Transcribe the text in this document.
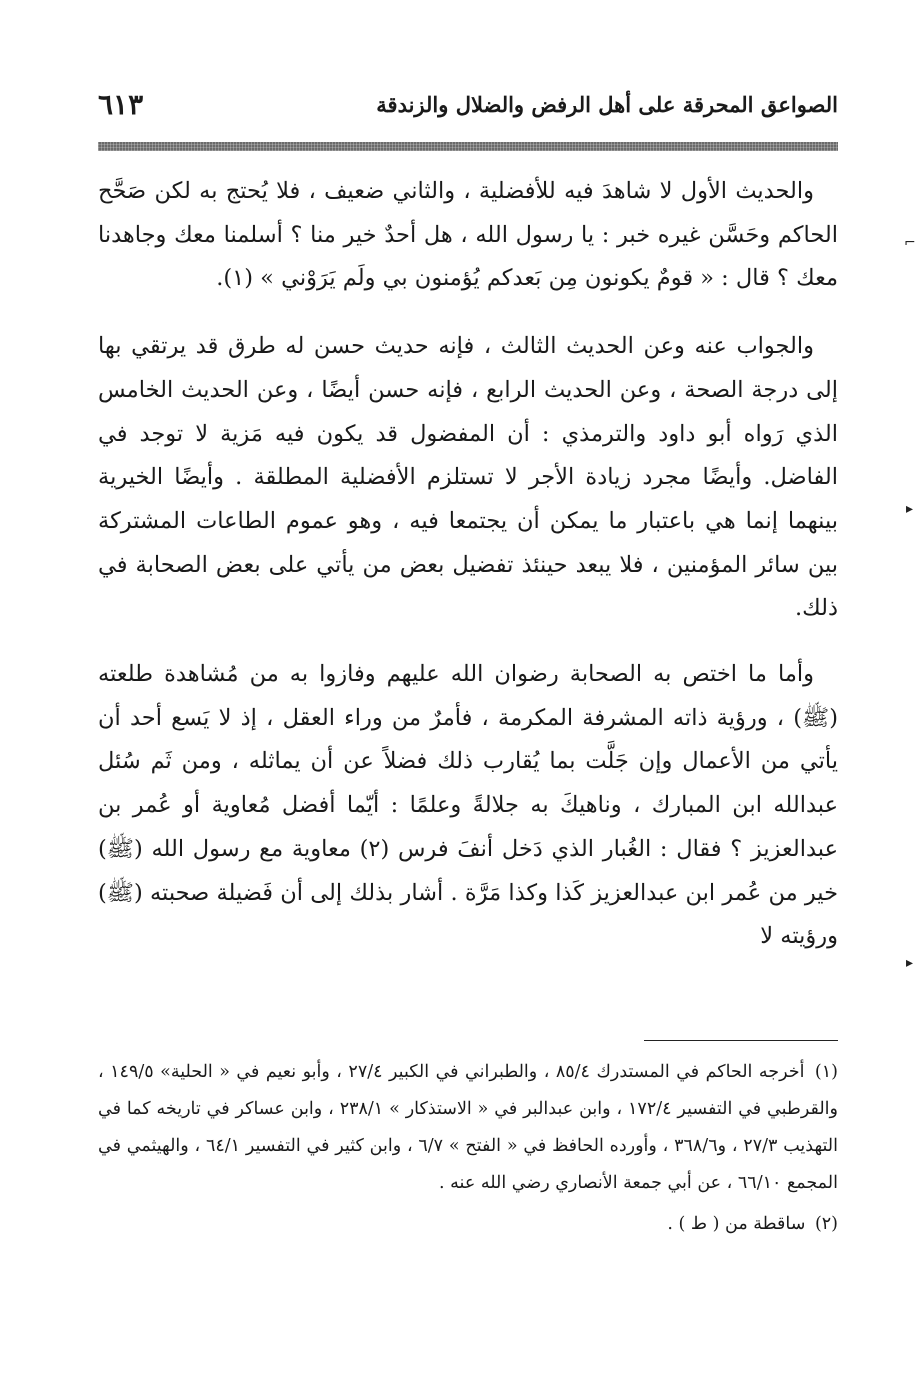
الصواعق المحرقة على أهل الرفض والضلال والزندقة
٦١٣

والحديث الأول لا شاهدَ فيه للأفضلية ، والثاني ضعيف ، فلا يُحتج به لكن صَحَّح الحاكم وحَسَّن غيره خبر : يا رسول الله ، هل أحدٌ خير منا ؟ أسلمنا معك وجاهدنا معك ؟ قال : « قومٌ يكونون مِن بَعدكم يُؤمنون بي ولَم يَرَوْني » (١).

والجواب عنه وعن الحديث الثالث ، فإنه حديث حسن له طرق قد يرتقي بها إلى درجة الصحة ، وعن الحديث الرابع ، فإنه حسن أيضًا ، وعن الحديث الخامس الذي رَواه أبو داود والترمذي : أن المفضول قد يكون فيه مَزية لا توجد في الفاضل. وأيضًا مجرد زيادة الأجر لا تستلزم الأفضلية المطلقة . وأيضًا الخيرية بينهما إنما هي باعتبار ما يمكن أن يجتمعا فيه ، وهو عموم الطاعات المشتركة بين سائر المؤمنين ، فلا يبعد حينئذ تفضيل بعض من يأتي على بعض الصحابة في ذلك.

وأما ما اختص به الصحابة رضوان الله عليهم وفازوا به من مُشاهدة طلعته (ﷺ) ، ورؤية ذاته المشرفة المكرمة ، فأمرٌ من وراء العقل ، إذ لا يَسع أحد أن يأتي من الأعمال وإن جَلَّت بما يُقارب ذلك فضلاً عن أن يماثله ، ومن ثَم سُئل عبدالله ابن المبارك ، وناهيكَ به جلالةً وعلمًا : أيّما أفضل مُعاوية أو عُمر بن عبدالعزيز ؟ فقال : الغُبار الذي دَخل أنفَ فرس (٢) معاوية مع رسول الله (ﷺ) خير من عُمر ابن عبدالعزيز كَذا وكذا مَرَّة . أشار بذلك إلى أن فَضيلة صحبته (ﷺ) ورؤيته لا

(١) أخرجه الحاكم في المستدرك ٨٥/٤ ، والطبراني في الكبير ٢٧/٤ ، وأبو نعيم في « الحلية» ١٤٩/٥ ، والقرطبي في التفسير ١٧٢/٤ ، وابن عبدالبر في « الاستذكار » ٢٣٨/١ ، وابن عساكر في تاريخه كما في التهذيب ٢٧/٣ ، و٣٦٨/٦ ، وأورده الحافظ في « الفتح » ٦/٧ ، وابن كثير في التفسير ٦٤/١ ، والهيثمي في المجمع ٦٦/١٠ ، عن أبي جمعة الأنصاري رضي الله عنه .

(٢) ساقطة من ( ط ) .

⌐
▸
▸
